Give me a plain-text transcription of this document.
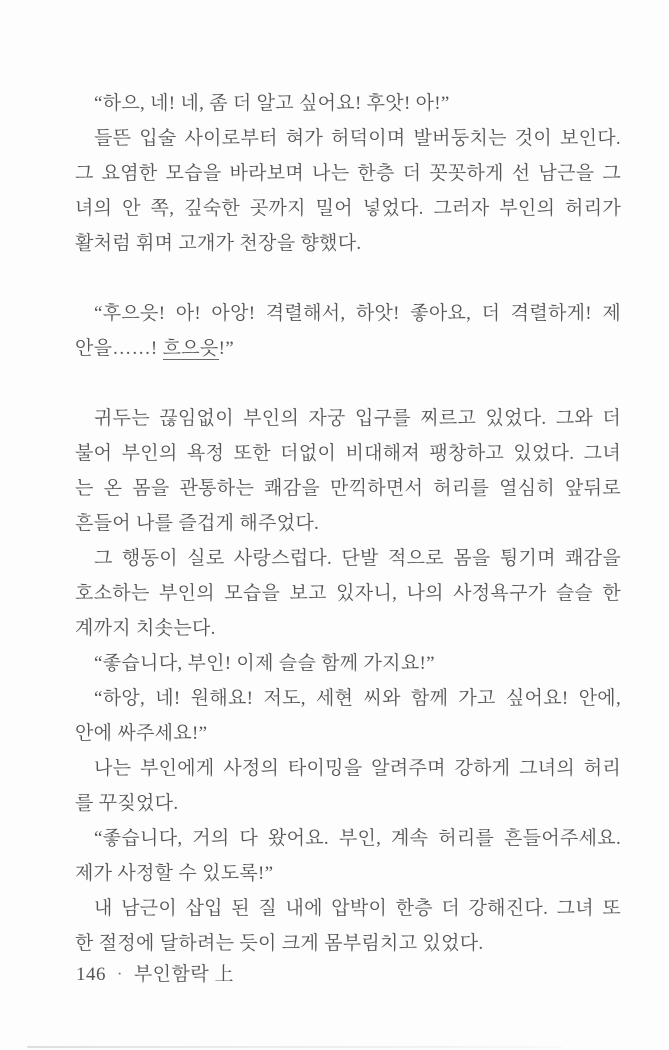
“하으, 네! 네, 좀 더 알고 싶어요! 후앗! 아!”
들뜬 입술 사이로부터 혀가 허덕이며 발버둥치는 것이 보인다.
그 요염한 모습을 바라보며 나는 한층 더 꼿꼿하게 선 남근을 그
녀의 안 쪽, 깊숙한 곳까지 밀어 넣었다. 그러자 부인의 허리가
활처럼 휘며 고개가 천장을 향했다.
“후으읏! 아! 아앙! 격렬해서, 하앗! 좋아요, 더 격렬하게! 제
안을……! 흐으읏!”
귀두는 끊임없이 부인의 자궁 입구를 찌르고 있었다. 그와 더
불어 부인의 욕정 또한 더없이 비대해져 팽창하고 있었다. 그녀
는 온 몸을 관통하는 쾌감을 만끽하면서 허리를 열심히 앞뒤로
흔들어 나를 즐겁게 해주었다.
그 행동이 실로 사랑스럽다. 단발 적으로 몸을 튕기며 쾌감을
호소하는 부인의 모습을 보고 있자니, 나의 사정욕구가 슬슬 한
계까지 치솟는다.
“좋습니다, 부인! 이제 슬슬 함께 가지요!”
“하앙, 네! 원해요! 저도, 세현 씨와 함께 가고 싶어요! 안에,
안에 싸주세요!”
나는 부인에게 사정의 타이밍을 알려주며 강하게 그녀의 허리
를 꾸짖었다.
“좋습니다, 거의 다 왔어요. 부인, 계속 허리를 흔들어주세요.
제가 사정할 수 있도록!”
내 남근이 삽입 된 질 내에 압박이 한층 더 강해진다. 그녀 또
한 절정에 달하려는 듯이 크게 몸부림치고 있었다.
146 · 부인함락 上
